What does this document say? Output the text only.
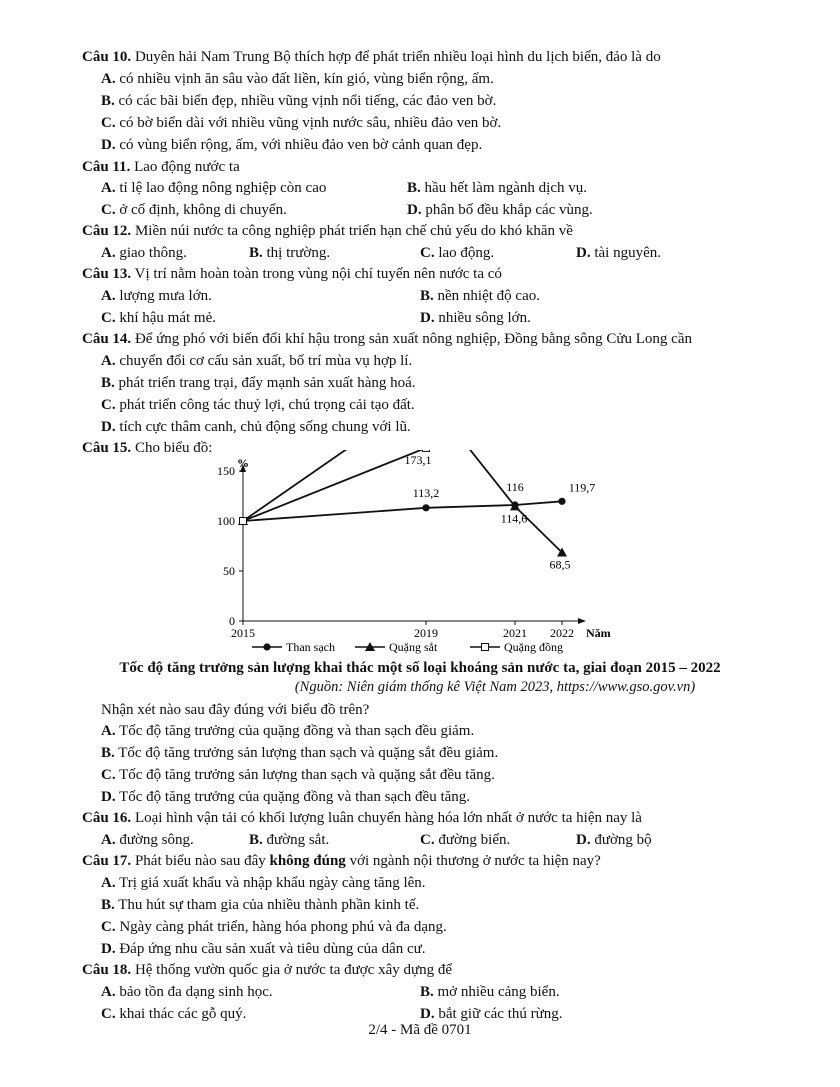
Câu 10. Duyên hải Nam Trung Bộ thích hợp để phát triển nhiều loại hình du lịch biển, đảo là do
A. có nhiều vịnh ăn sâu vào đất liền, kín gió, vùng biển rộng, ấm.
B. có các bãi biển đẹp, nhiều vũng vịnh nổi tiếng, các đảo ven bờ.
C. có bờ biển dài với nhiều vũng vịnh nước sâu, nhiều đảo ven bờ.
D. có vùng biển rộng, ấm, với nhiều đảo ven bờ cảnh quan đẹp.
Câu 11. Lao động nước ta
A. tỉ lệ lao động nông nghiệp còn cao	B. hầu hết làm ngành dịch vụ.
C. ở cố định, không di chuyển.	D. phân bố đều khắp các vùng.
Câu 12. Miền núi nước ta công nghiệp phát triển hạn chế chủ yếu do khó khăn về
A. giao thông.	B. thị trường.	C. lao động.	D. tài nguyên.
Câu 13. Vị trí nằm hoàn toàn trong vùng nội chí tuyến nên nước ta có
A. lượng mưa lớn.	B. nền nhiệt độ cao.
C. khí hậu mát mẻ.	D. nhiều sông lớn.
Câu 14. Để ứng phó với biến đổi khí hậu trong sản xuất nông nghiệp, Đồng bằng sông Cửu Long cần
A. chuyển đổi cơ cấu sản xuất, bố trí mùa vụ hợp lí.
B. phát triển trang trại, đẩy mạnh sản xuất hàng hoá.
C. phát triển công tác thuỷ lợi, chú trọng cải tạo đất.
D. tích cực thâm canh, chủ động sống chung với lũ.
Câu 15. Cho biểu đồ:
0
50
100
150
2015	2019	2021 2022
%
Năm
113,2	116	119,7
114,6
68,5
173,1
Than sạch	Quặng sắt	Quặng đồng
Tốc độ tăng trưởng sản lượng khai thác một số loại khoáng sản nước ta, giai đoạn 2015 – 2022
(Nguồn: Niên giám thống kê Việt Nam 2023, https://www.gso.gov.vn)
Nhận xét nào sau đây đúng với biểu đồ trên?
A. Tốc độ tăng trưởng của quặng đồng và than sạch đều giảm.
B. Tốc độ tăng trưởng sản lượng than sạch và quặng sắt đều giảm.
C. Tốc độ tăng trưởng sản lượng than sạch và quặng sắt đều tăng.
D. Tốc độ tăng trưởng của quặng đồng và than sạch đều tăng.
Câu 16. Loại hình vận tải có khối lượng luân chuyển hàng hóa lớn nhất ở nước ta hiện nay là
A. đường sông.	B. đường sắt.	C. đường biển.	D. đường bộ
Câu 17. Phát biểu nào sau đây không đúng với ngành nội thương ở nước ta hiện nay?
A. Trị giá xuất khẩu và nhập khẩu ngày càng tăng lên.
B. Thu hút sự tham gia của nhiều thành phần kinh tế.
C. Ngày càng phát triển, hàng hóa phong phú và đa dạng.
D. Đáp ứng nhu cầu sản xuất và tiêu dùng của dân cư.
Câu 18. Hệ thống vườn quốc gia ở nước ta được xây dựng để
A. bảo tồn đa dạng sinh học.	B. mở nhiều cảng biển.
C. khai thác các gỗ quý.	D. bắt giữ các thú rừng.
2/4 - Mã đề 0701
